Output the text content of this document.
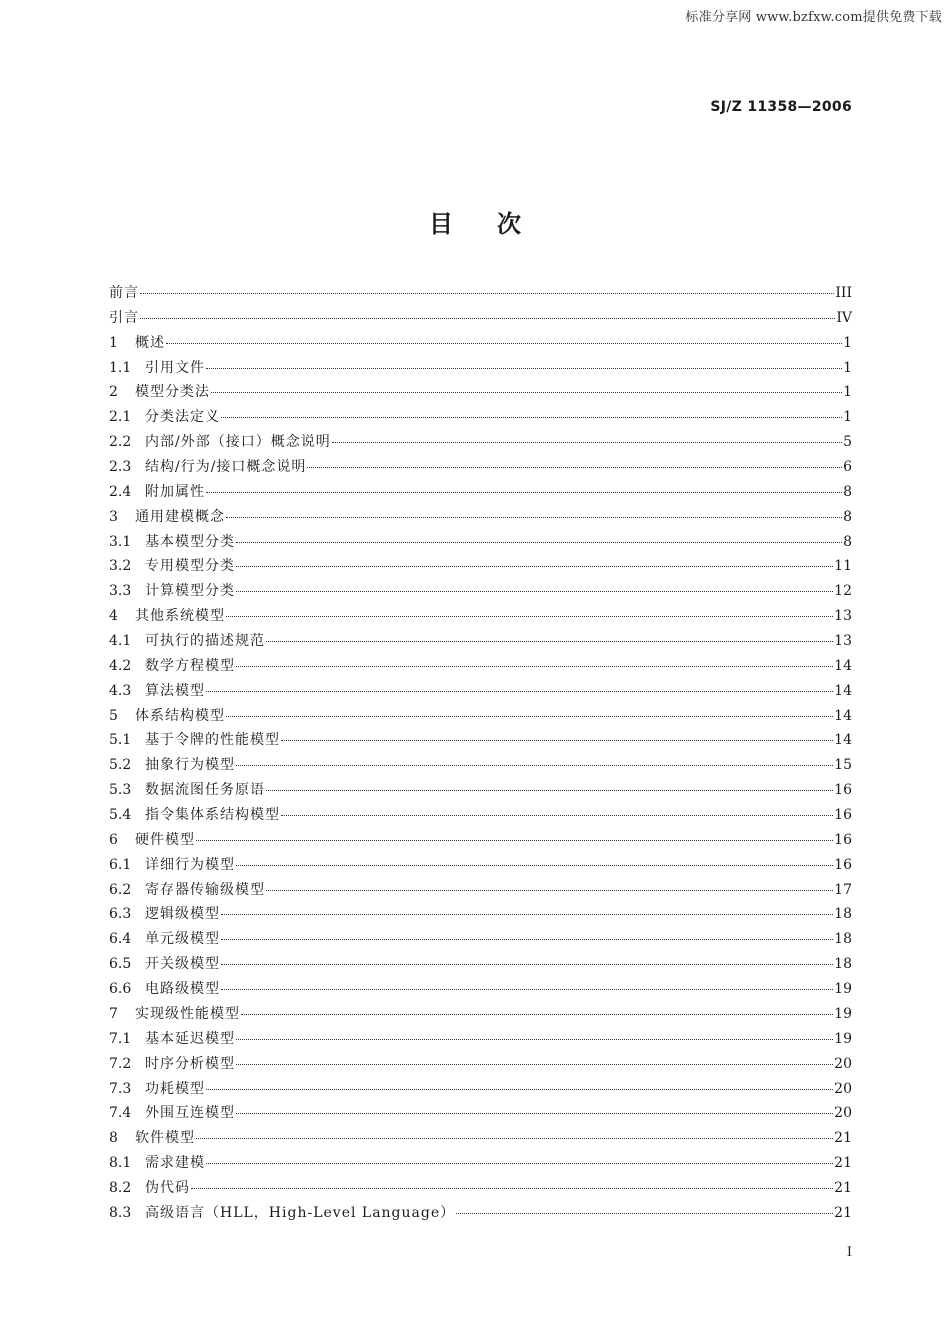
标准分享网 www.bzfxw.com提供免费下载
SJ/Z 11358—2006
目次
前言	III
引言	IV
1	概述	1
1.1 引用文件	1
2	模型分类法	1
2.1 分类法定义	1
2.2 内部/外部（接口）概念说明	5
2.3 结构/行为/接口概念说明	6
2.4 附加属性	8
3	通用建模概念	8
3.1 基本模型分类	8
3.2 专用模型分类	11
3.3 计算模型分类	12
4	其他系统模型	13
4.1 可执行的描述规范	13
4.2 数学方程模型	14
4.3 算法模型	14
5	体系结构模型	14
5.1 基于令牌的性能模型	14
5.2 抽象行为模型	15
5.3 数据流图任务原语	16
5.4 指令集体系结构模型	16
6	硬件模型	16
6.1 详细行为模型	16
6.2 寄存器传输级模型	17
6.3 逻辑级模型	18
6.4 单元级模型	18
6.5 开关级模型	18
6.6 电路级模型	19
7	实现级性能模型	19
7.1 基本延迟模型	19
7.2 时序分析模型	20
7.3 功耗模型	20
7.4 外围互连模型	20
8	软件模型	21
8.1 需求建模	21
8.2 伪代码	21
8.3 高级语言（HLL，High-Level Language）	21
I
